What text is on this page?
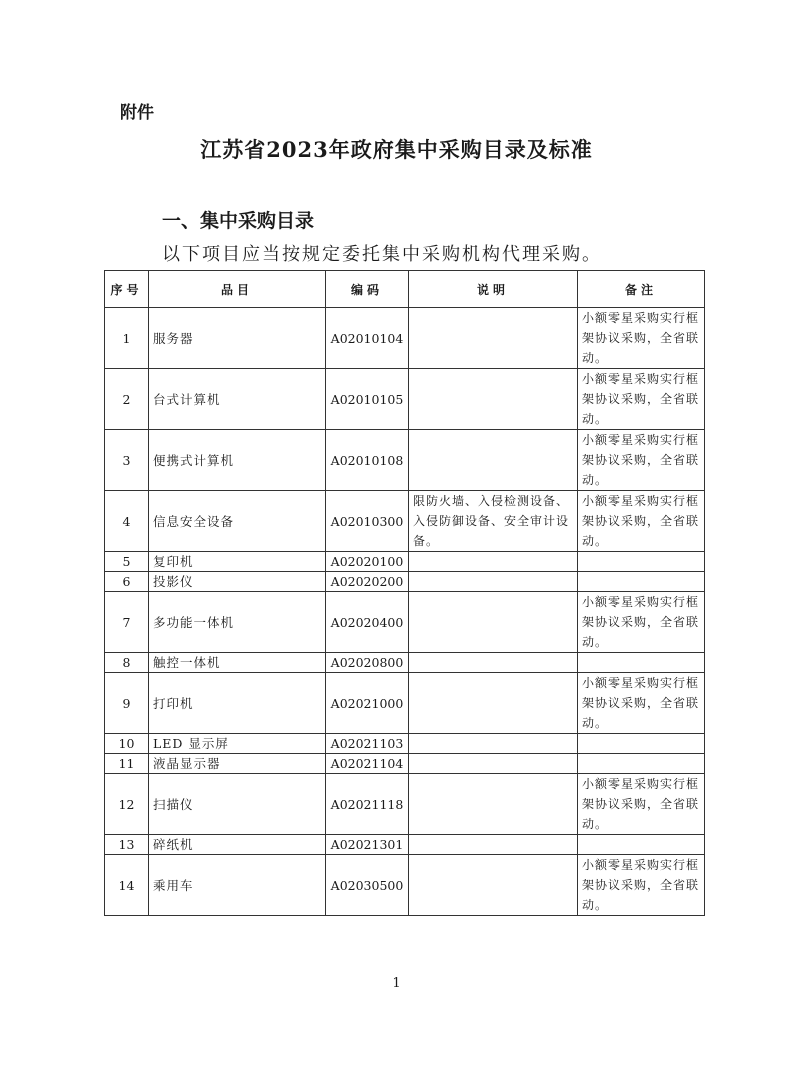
附件
江苏省2023年政府集中采购目录及标准
一、集中采购目录
以下项目应当按规定委托集中采购机构代理采购。
序号	品目	编码	说明	备注
1	服务器	A02010104		小额零星采购实行框架协议采购，全省联动。
2	台式计算机	A02010105		小额零星采购实行框架协议采购，全省联动。
3	便携式计算机	A02010108		小额零星采购实行框架协议采购，全省联动。
4	信息安全设备	A02010300	限防火墙、入侵检测设备、入侵防御设备、安全审计设备。	小额零星采购实行框架协议采购，全省联动。
5	复印机	A02020100		
6	投影仪	A02020200		
7	多功能一体机	A02020400		小额零星采购实行框架协议采购，全省联动。
8	触控一体机	A02020800		
9	打印机	A02021000		小额零星采购实行框架协议采购，全省联动。
10	LED 显示屏	A02021103		
11	液晶显示器	A02021104		
12	扫描仪	A02021118		小额零星采购实行框架协议采购，全省联动。
13	碎纸机	A02021301		
14	乘用车	A02030500		小额零星采购实行框架协议采购，全省联动。
1
